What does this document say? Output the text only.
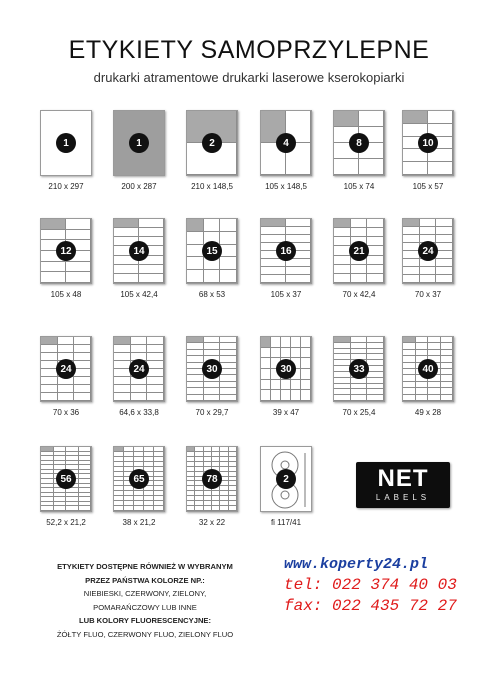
ETYKIETY SAMOPRZYLEPNE
drukarki atramentowe drukarki laserowe kserokopiarki
1
210 x 297
1
200 x 287
2
210 x 148,5
4
105 x 148,5
8
105 x 74
10
105 x 57
12
105 x 48
14
105 x 42,4
15
68 x 53
16
105 x 37
21
70 x 42,4
24
70 x 37
24
70 x 36
24
64,6 x 33,8
30
70 x 29,7
30
39 x 47
33
70 x 25,4
40
49 x 28
56
52,2 x 21,2
65
38 x 21,2
78
32 x 22
2
fi 117/41
NET
LABELS
ETYKIETY DOSTĘPNE RÓWNIEŻ W WYBRANYM
PRZEZ PAŃSTWA KOLORZE NP.:
NIEBIESKI, CZERWONY, ZIELONY,
POMARAŃCZOWY LUB INNE
LUB KOLORY FLUORESCENCYJNE:
ŻÓŁTY FLUO, CZERWONY FLUO, ZIELONY FLUO
www.koperty24.pl
tel: 022 374 40 03
fax: 022 435 72 27
